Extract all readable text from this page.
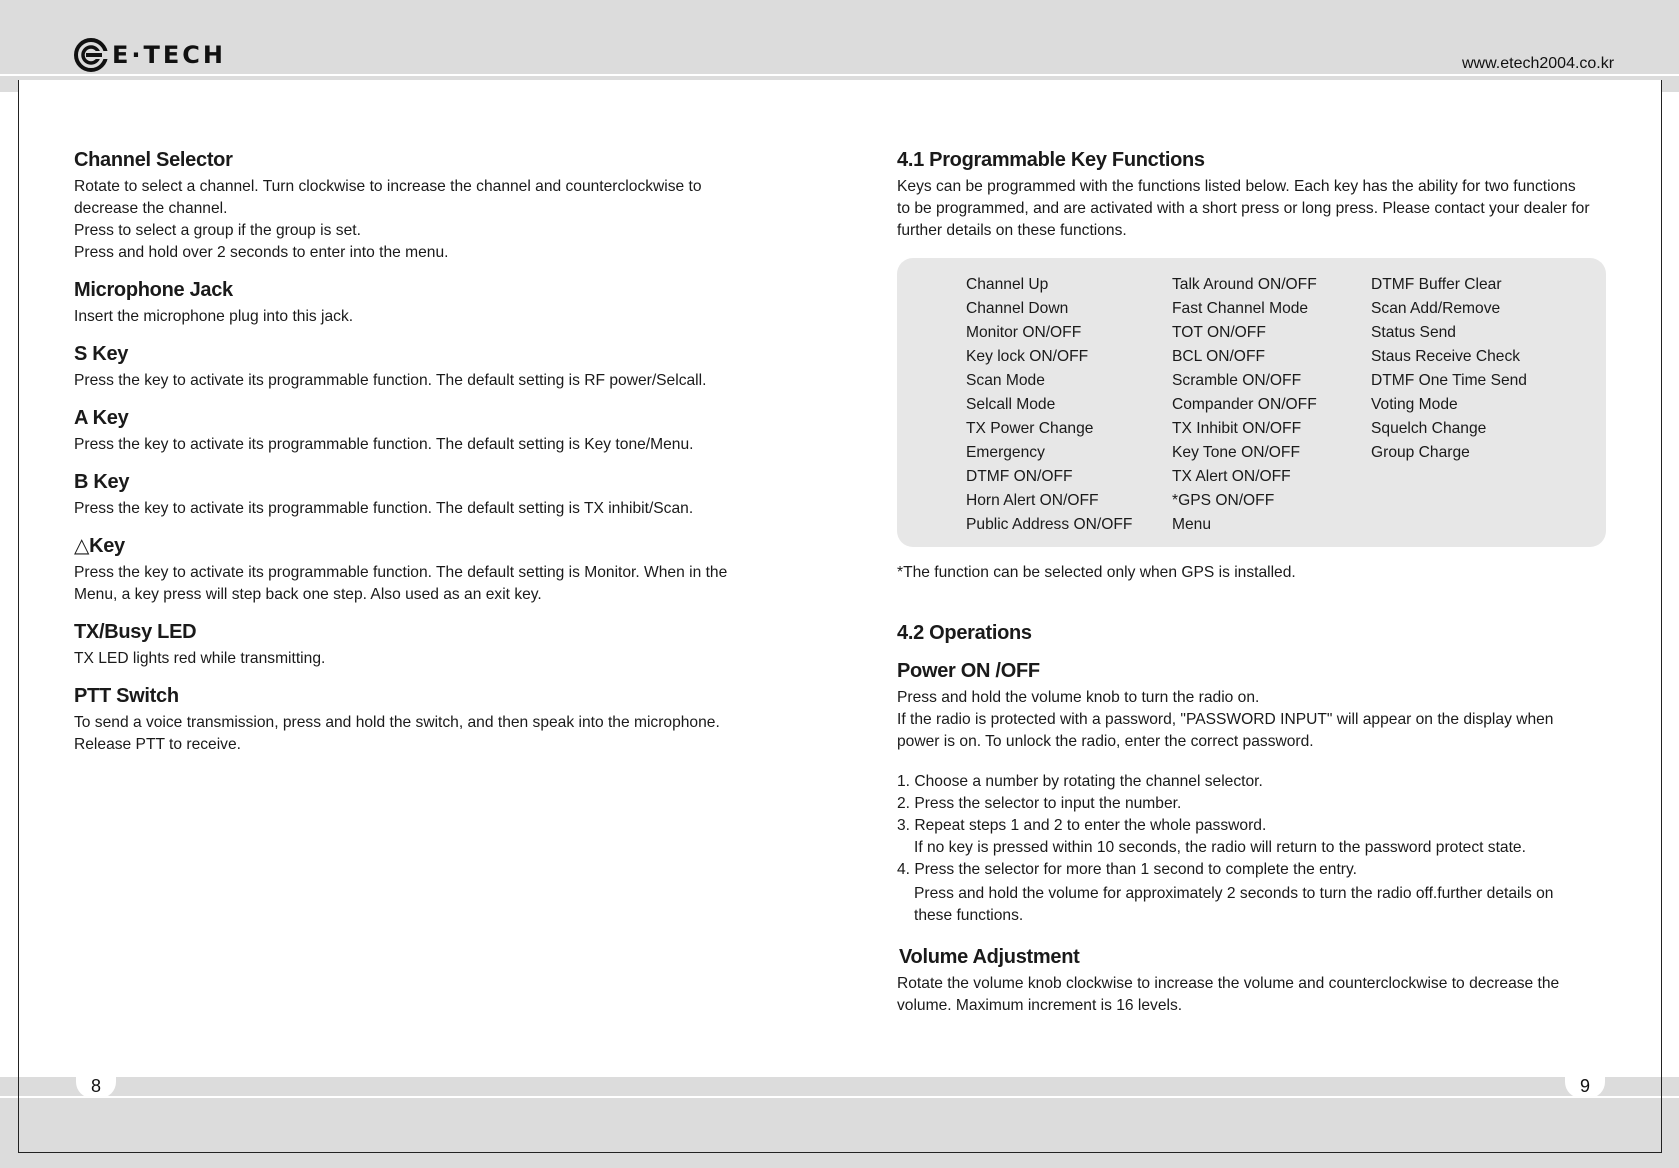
E·TECH	www.etech2004.co.kr
Channel Selector

Rotate to select a channel. Turn clockwise to increase the channel and counterclockwise to

decrease the channel.

Press to select a group if the group is set.

Press and hold over 2 seconds to enter into the menu.

Microphone Jack

Insert the microphone plug into this jack.

S Key

Press the key to activate its programmable function. The default setting is RF power/Selcall.

A Key

Press the key to activate its programmable function. The default setting is Key tone/Menu.

B Key

Press the key to activate its programmable function. The default setting is TX inhibit/Scan.

△Key

Press the key to activate its programmable function. The default setting is Monitor. When in the

Menu, a key press will step back one step. Also used as an exit key.

TX/Busy LED

TX LED lights red while transmitting.

PTT Switch

To send a voice transmission, press and hold the switch, and then speak into the microphone.

Release PTT to receive.

4.1 Programmable Key Functions

Keys can be programmed with the functions listed below. Each key has the ability for two functions

to be programmed, and are activated with a short press or long press. Please contact your dealer for

further details on these functions.

Channel Up
Channel Down
Monitor ON/OFF
Key lock ON/OFF
Scan Mode
Selcall Mode
TX Power Change
Emergency
DTMF ON/OFF
Horn Alert ON/OFF
Public Address ON/OFF
Talk Around ON/OFF
Fast Channel Mode
TOT ON/OFF
BCL ON/OFF
Scramble ON/OFF
Compander ON/OFF
TX Inhibit ON/OFF
Key Tone ON/OFF
TX Alert ON/OFF
*GPS ON/OFF
Menu
DTMF Buffer Clear
Scan Add/Remove
Status Send
Staus Receive Check
DTMF One Time Send
Voting Mode
Squelch Change
Group Charge

*The function can be selected only when GPS is installed.

4.2 Operations
Power ON /OFF

Press and hold the volume knob to turn the radio on.

If the radio is protected with a password, "PASSWORD INPUT" will appear on the display when

power is on. To unlock the radio, enter the correct password.

1. Choose a number by rotating the channel selector.

2. Press the selector to input the number.

3. Repeat steps 1 and 2 to enter the whole password.

If no key is pressed within 10 seconds, the radio will return to the password protect state.

4. Press the selector for more than 1 second to complete the entry.

Press and hold the volume for approximately 2 seconds to turn the radio off.further details on

these functions.

Volume Adjustment

Rotate the volume knob clockwise to increase the volume and counterclockwise to decrease the

volume. Maximum increment is 16 levels.

8	9
